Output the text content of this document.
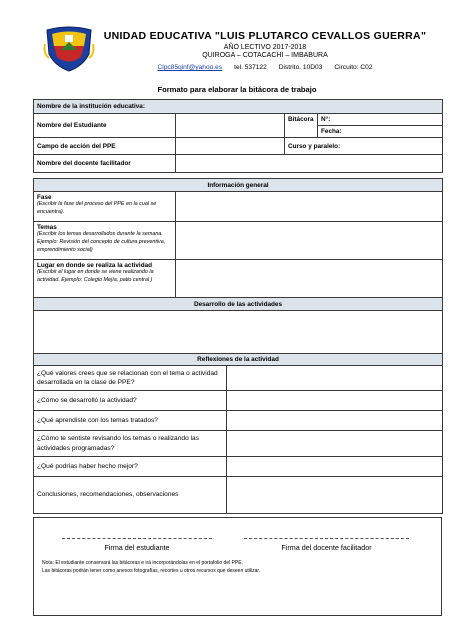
UNIDAD EDUCATIVA "LUIS PLUTARCO CEVALLOS GUERRA"
AÑO LECTIVO 2017-2018
QUIROGA – COTACACHI – IMBABURA
Clpc85qinf@yahoo.es tel. 537122 Distrito. 10D03 Circuito: C02
Formato para elaborar la bitácora de trabajo
Nombre de la institución educativa:			
Nombre del Estudiante		Bitácora	N°:
			Fecha:
Campo de acción del PPE		Curso y paralelo:	
Nombre del docente facilitador			
Información general	
Fase
(Escribir la fase del proceso del PPE en la cual se encuentra).	

Temas
(Escribir los temas desarrollados durante la semana. Ejemplo: Revisión del concepto de cultura preventiva, emprendimiento social)	

Lugar en donde se realiza la actividad
(Escribir el lugar en donde se viene realizando la actividad. Ejemplo: Colegio Mejía, patio central )	

Desarrollo de las actividades	

Reflexiones de la actividad	
¿Qué valores crees que se relacionan con el tema o actividad desarrollada en la clase de PPE?	
¿Cómo se desarrolló la actividad?	
¿Qué aprendiste con los temas tratados?	
¿Cómo te sentiste revisando los temas o realizando las actividades programadas?	
¿Qué podrías haber hecho mejor?	
Conclusiones, recomendaciones, observaciones	
Firma del estudiante	Firma del docente facilitador
Nota: El estudiante conservará las bitácoras e irá incorporándolas en el portafolio del PPE.
Las bitácoras podrán tener como anexos fotografías, recortes u otros recursos que deseen utilizar.
